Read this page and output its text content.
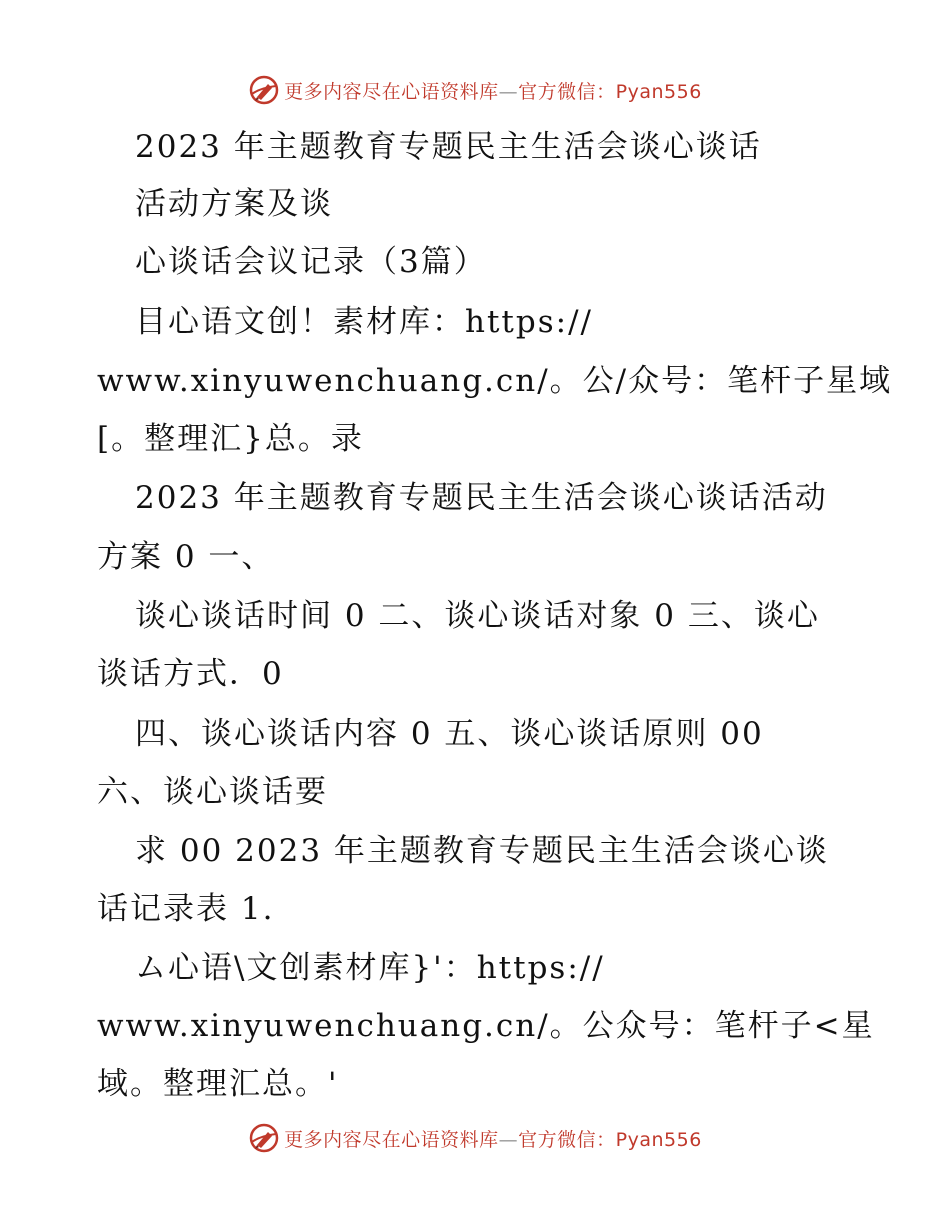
更多内容尽在心语资料库—官方微信：Pyan556
2023 年主题教育专题民主生活会谈心谈话
活动方案及谈
心谈话会议记录（3篇）
目心语文创！素材库：https://
www.xinyuwenchuang.cn/。公/众号：笔杆子星域
[。整理汇}总。录
2023 年主题教育专题民主生活会谈心谈话活动
方案 0 一、
谈心谈话时间 0 二、谈心谈话对象 0 三、谈心
谈话方式．0
四、谈心谈话内容 0 五、谈心谈话原则 00
六、谈心谈话要
求 00 2023 年主题教育专题民主生活会谈心谈
话记录表 1.
ム心语\文创素材库}'：https://
www.xinyuwenchuang.cn/。公众号：笔杆子<星
域。整理汇总。'
更多内容尽在心语资料库—官方微信：Pyan556
